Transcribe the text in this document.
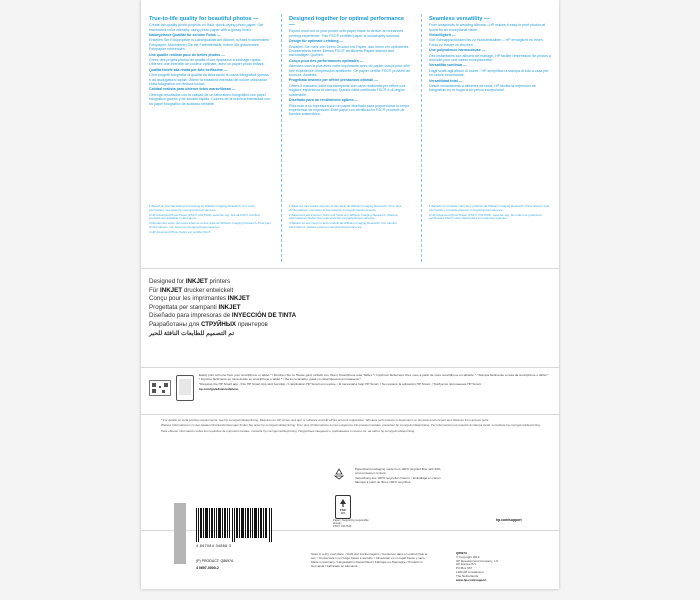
True-to-life quality for beautiful photos —

Create lab-quality photo projects on thick, quick-drying photo paper. Get maximized color intensity, using photo paper with a glossy finish.

Naturgetreue Qualität für schöne Fotos —

Erstellen Sie Fotoprojekte in Laborqualität auf dickem, schnell trocknendem Fotopapier. Maximieren Sie die Farbintensität, indem Sie glänzendes Fotopapier verwenden.

Une qualité réaliste pour de belles photos —

Créez des projets photos de qualité d'une épaisseur à séchage rapide. Obtenez une intensité de couleur optimale, avec un papier photo brillant.

Qualità fedele alla realtà per foto bellissime —

Crea progetti fotografici di qualità da laboratorio su carta fotografica spessa e ad asciugatura rapida. Ottieni la massima intensità del colore utilizzando carta fotografica con finitura lucida.

Calidad realista para obtener fotos maravillosas —

Obtenga resultados con la calidad de un laboratorio fotográfico con papel fotográfico grueso y de secado rápido. Colores de la máxima intensidad con un papel fotográfico de acabado brillante.

Designed together for optimal performance —

Expect more out of your printer with paper made to deliver an enhanced printing experience. This FSC® certified paper is sustainably sourced.

Design für optimale Leistung —

Erwarten Sie mehr von Ihrem Drucker mit Papier, das Ihnen ein optimiertes Druckerlebnis bietet. Dieses FSC® zertifizierte Papier stammt aus nachhaltigen Quellen.

Conçu pour des performances optimales —

Attendez-vous à plus avec votre imprimante avec du papier conçu pour offrir une expérience d'impression améliorée. Ce papier certifié FSC® provient de sources durables.

Progettato insieme per offrire prestazioni ottimali —

Ottieni il massimo dalla tua stampante con carta realizzata per offrire una migliore esperienza di stampa. Questa carta certificata FSC® è di origine sostenibile.

Diseñado para un rendimiento óptimo —

Pida más a su impresora con un papel diseñado para proporcionar la mejor experiencia de impresión. Este papel con certificación FSC® procede de fuentes sostenibles.

Seamless versatility —

From snapshots to wedding albums—HP makes it easy to print photos at home for an exceptional value.

Vielseitigkeit —

Von Schnappschüssen bis zu Hochzeitsalben – HP ermöglicht es Ihnen, Fotos zu Hause zu drucken.

Une polyvalence harmonieuse —

Des instantanés aux albums de mariage, HP facilite l'impression de photos à domicile pour une valeur exceptionnelle.

Versatilità continua —

Dagli scatti agli album di nozze - HP semplifica la stampa di foto a casa per un valore eccezionale.

Versatilidad total —

Desde instantáneas a álbumes de boda, HP facilita la impresión de fotografías en el hogar a un precio excepcional.

1 Based on internal testing and testing by Wilhelm Imaging Research. For more information, see www.hp.com/go/printpermanence.

2 HP Advanced Photo Paper (FSC® C017543). www.fsc.org. Not all FSC® certified products are available in all regions.

3 Rendement selon des tests internes et des tests de Wilhelm Imaging Research. Pour plus d'informations, voir www.hp.com/go/printpermanence.

4 HP Advanced Photo Paper est certifié FSC®.

1 Basé sur des essais internes et des tests de Wilhelm Imaging Research. Pour plus d'informations, consultez le site www.hp.com/go/printpermanence.

2 Basierend auf internen Tests und Tests von Wilhelm Imaging Research. Weitere Informationen finden Sie unter www.hp.com/go/printpermanence.

3 Basato su test interni e test condotti da Wilhelm Imaging Research. Per ulteriori informazioni, visitare www.hp.com/go/printpermanence.

1 Basado en pruebas internas y pruebas de Wilhelm Imaging Research. Para obtener más información, consulte www.hp.com/go/printpermanence.

2 HP Advanced Photo Paper (FSC® C017543). www.fsc.org. No todos los productos certificados FSC® están disponibles en todas las regiones.

Designed for INKJET printers
Für INKJET drucker entwickelt
Conçu pour les imprimantes INKJET
Progettata per stampanti INKJET
Diseñado para impresoras de INYECCIÓN DE TINTA
Разработаны для СТРУЙНЫХ принтеров
تم التصميم للطابعات النافثة للحبر

Easily print at home from your smartphone or tablet.* / Drucken Sie zu Hause ganz einfach von Ihrem Smartphone oder Tablet.* / Imprimez facilement chez vous à partir de votre smartphone ou tablette.* / Stampa facilmente a casa da smartphone o tablet.* / Imprima fácilmente en casa desde su smartphone o tablet.* / Легко печатайте дома со смартфона или планшета.*

*Requires the HP Smart app. / Die HP Smart App wird benötigt. / L'application HP Smart est requise. / È necessaria l'app HP Smart. / Se requiere la aplicación HP Smart. / Требуется приложение HP Smart.

hp.com/go/advancedphoto

* For details on local printing requirements, see hp.com/go/mobileprinting. Requires an HP printer and app or software and HP ePrint account registration. Wireless performance is dependent on physical environment and distance from access point.

Weitere Informationen zu den lokalen Druckanforderungen finden Sie unter hp.com/go/mobileprinting. Pour plus d'informations sur les exigences d'impression locales, consultez hp.com/go/mobileprinting. Per informazioni sui requisiti di stampa locali, consultare hp.com/go/mobileprinting.

Para obtener información sobre los requisitos de impresión locales, consulte hp.com/go/mobileprinting. Подробные сведения о требованиях к печати см. на сайте hp.com/go/mobileprinting.

Paperboard packaging made from 100% recycled fiber with 20% post-consumer content.

Verpackung aus 100% recycelten Fasern. / Emballage en carton fabriqué à partir de fibres 100% recyclées.

FSC
MIX
Paper | Supporting responsible forestry
FSC® C017543
hp.com/support
4 897084 34866 3
(P) PRODUCT: Q8697A
4 0697-0000-2

Store in a dry, cool place. / Kühl und trocken lagern. / Conserver dans un endroit frais et sec. / Conservare in un luogo fresco e asciutto. / Almacenar en un lugar fresco y seco.

Made in Germany / Hergestellt in Deutschland / Fabriqué en Allemagne / Prodotto in Germania / Fabricado en Alemania

Q8697A

© Copyright 2019

HP Development Company, L.P.

HP Europe B.V.

PO Box 667

1180 AR Amstelveen

The Netherlands

www.hp.com/support
